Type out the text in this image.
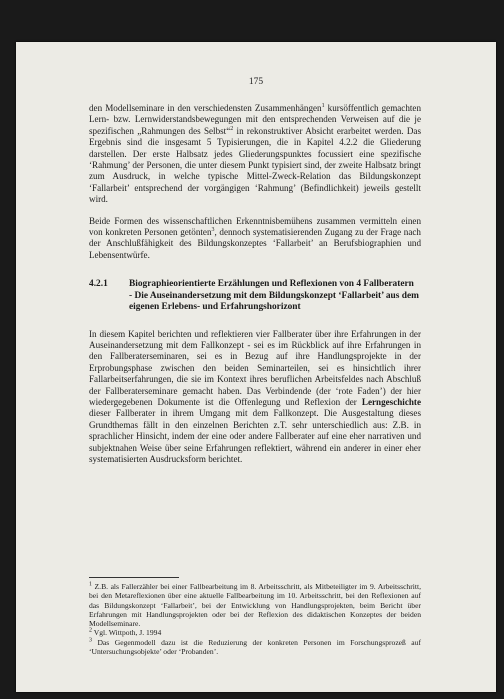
175

den Modellseminare in den verschiedensten Zusammenhängen$^1$ kursöffentlich gemachten Lern- bzw. Lernwiderstandsbewegungen mit den entsprechenden Verweisen auf die je spezifischen „Rahmungen des Selbst“$^2$ in rekonstruktiver Absicht erarbeitet werden. Das Ergebnis sind die insgesamt 5 Typisierungen, die in Kapitel 4.2.2 die Gliederung darstellen. Der erste Halbsatz jedes Gliederungspunktes focussiert eine spezifische ‘Rahmung’ der Personen, die unter diesem Punkt typisiert sind, der zweite Halbsatz bringt zum Ausdruck, in welche typische Mittel-Zweck-Relation das Bildungskonzept ‘Fallarbeit’ entsprechend der vorgängigen ‘Rahmung’ (Befindlichkeit) jeweils gestellt wird.

Beide Formen des wissenschaftlichen Erkenntnisbemühens zusammen vermitteln einen von konkreten Personen getönten$^3$, dennoch systematisierenden Zugang zu der Frage nach der Anschlußfähigkeit des Bildungskonzeptes ‘Fallarbeit’ an Berufsbiographien und Lebensentwürfe.

4.2.1	Biographieorientierte Erzählungen und Reflexionen von 4 Fallberatern
- Die Auseinandersetzung mit dem Bildungskonzept ‘Fallarbeit’ aus dem eigenen Erlebens- und Erfahrungshorizont

In diesem Kapitel berichten und reflektieren vier Fallberater über ihre Erfahrungen in der Auseinandersetzung mit dem Fallkonzept - sei es im Rückblick auf ihre Erfahrungen in den Fallberaterseminaren, sei es in Bezug auf ihre Handlungsprojekte in der Erprobungsphase zwischen den beiden Seminarteilen, sei es hinsichtlich ihrer Fallarbeitserfahrungen, die sie im Kontext ihres beruflichen Arbeitsfeldes nach Abschluß der Fallberaterseminare gemacht haben. Das Verbindende (der ‘rote Faden’) der hier wiedergegebenen Dokumente ist die Offenlegung und Reflexion der Lerngeschichte dieser Fallberater in ihrem Umgang mit dem Fallkonzept. Die Ausgestaltung dieses Grundthemas fällt in den einzelnen Berichten z.T. sehr unterschiedlich aus: Z.B. in sprachlicher Hinsicht, indem der eine oder andere Fallberater auf eine eher narrativen und subjektnahen Weise über seine Erfahrungen reflektiert, während ein anderer in einer eher systematisierten Ausdrucksform berichtet.

$^1$ Z.B. als Fallerzähler bei einer Fallbearbeitung im 8. Arbeitsschritt, als Mitbeteiligter im 9. Arbeitsschritt, bei den Metareflexionen über eine aktuelle Fallbearbeitung im 10. Arbeitsschritt, bei den Reflexionen auf das Bildungskonzept ‘Fallarbeit’, bei der Entwicklung von Handlungsprojekten, beim Bericht über Erfahrungen mit Handlungsprojekten oder bei der Reflexion des didaktischen Konzeptes der beiden Modellseminare.

$^2$ Vgl. Wittpoth, J. 1994

$^3$ Das Gegenmodell dazu ist die Reduzierung der konkreten Personen im Forschungsprozeß auf ‘Untersuchungsobjekte’ oder ‘Probanden’.
